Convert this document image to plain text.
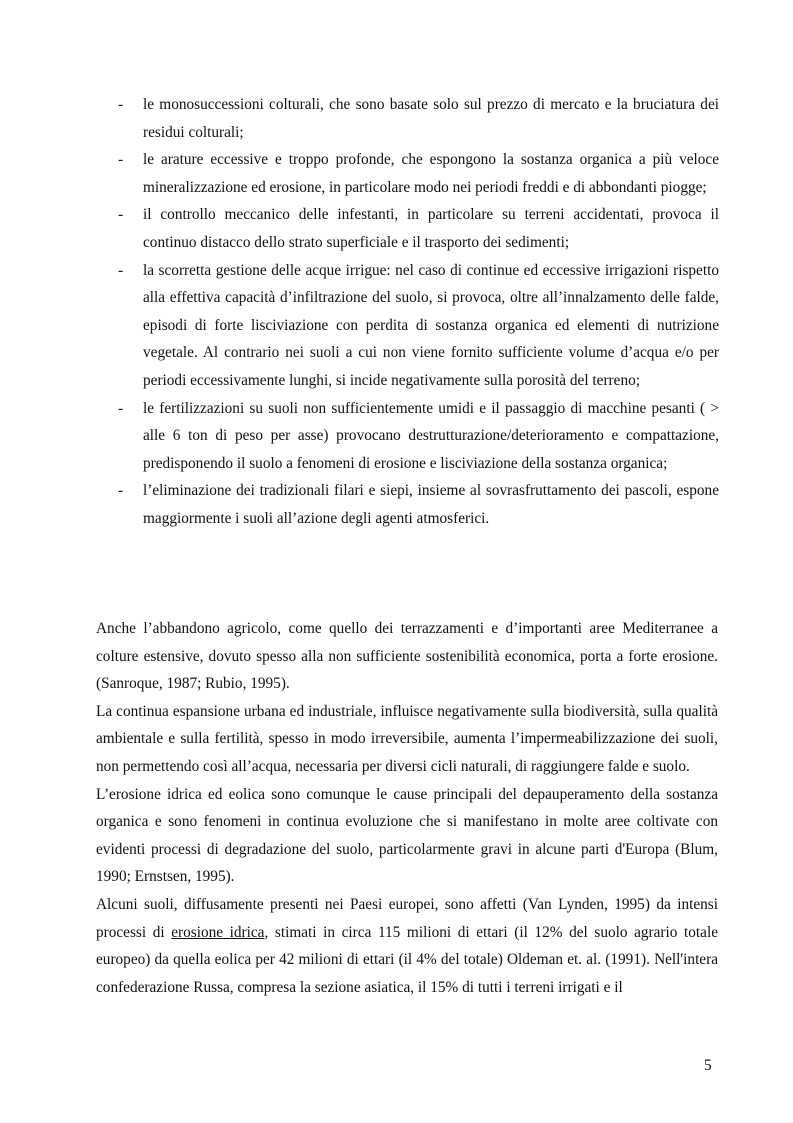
-	le monosuccessioni colturali, che sono basate solo sul prezzo di mercato e la bruciatura dei residui colturali;
-	le arature eccessive e troppo profonde, che espongono la sostanza organica a più veloce mineralizzazione ed erosione, in particolare modo nei periodi freddi e di abbondanti piogge;
-	il controllo meccanico delle infestanti, in particolare su terreni accidentati, provoca il continuo distacco dello strato superficiale e il trasporto dei sedimenti;
-	la scorretta gestione delle acque irrigue: nel caso di continue ed eccessive irrigazioni rispetto alla effettiva capacità d’infiltrazione del suolo, si provoca, oltre all’innalzamento delle falde, episodi di forte lisciviazione con perdita di sostanza organica ed elementi di nutrizione vegetale. Al contrario nei suoli a cui non viene fornito sufficiente volume d’acqua e/o per periodi eccessivamente lunghi, si incide negativamente sulla porosità del terreno;
-	le fertilizzazioni su suoli non sufficientemente umidi e il passaggio di macchine pesanti ( > alle 6 ton di peso per asse) provocano destrutturazione/deterioramento e compattazione, predisponendo il suolo a fenomeni di erosione e lisciviazione della sostanza organica;
-	l’eliminazione dei tradizionali filari e siepi, insieme al sovrasfruttamento dei pascoli, espone maggiormente i suoli all’azione degli agenti atmosferici.

Anche l’abbandono agricolo, come quello dei terrazzamenti e d’importanti aree Mediterranee a colture estensive, dovuto spesso alla non sufficiente sostenibilità economica, porta a forte erosione. (Sanroque, 1987; Rubio, 1995).

La continua espansione urbana ed industriale, influisce negativamente sulla biodiversità, sulla qualità ambientale e sulla fertilità, spesso in modo irreversibile, aumenta l’impermeabilizzazione dei suoli, non permettendo così all’acqua, necessaria per diversi cicli naturali, di raggiungere falde e suolo.

L’erosione idrica ed eolica sono comunque le cause principali del depauperamento della sostanza organica e sono fenomeni in continua evoluzione che si manifestano in molte aree coltivate con evidenti processi di degradazione del suolo, particolarmente gravi in alcune parti d'Europa (Blum, 1990; Ernstsen, 1995).

Alcuni suoli, diffusamente presenti nei Paesi europei, sono affetti (Van Lynden, 1995) da intensi processi di erosione idrica, stimati in circa 115 milioni di ettari (il 12% del suolo agrario totale europeo) da quella eolica per 42 milioni di ettari (il 4% del totale) Oldeman et. al. (1991). Nell'intera confederazione Russa, compresa la sezione asiatica, il 15% di tutti i terreni irrigati e il

5
